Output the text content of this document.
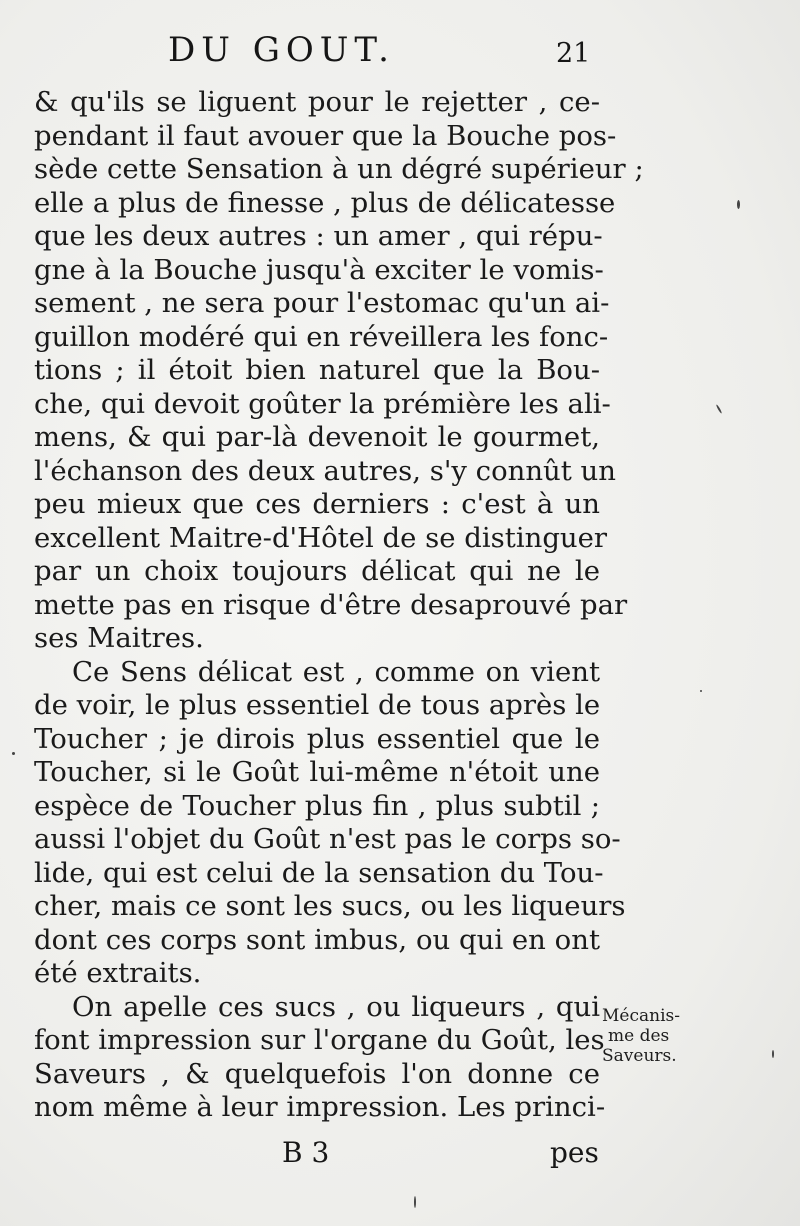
DU GOUT.	21
& qu'ils se liguent pour le rejetter , ce-
pendant il faut avouer que la Bouche pos-
sède cette Sensation à un dégré supérieur ;
elle a plus de finesse , plus de délicatesse
que les deux autres : un amer , qui répu-
gne à la Bouche jusqu'à exciter le vomis-
sement , ne sera pour l'estomac qu'un ai-
guillon modéré qui en réveillera les fonc-
tions ; il étoit bien naturel que la Bou-
che, qui devoit goûter la prémière les ali-
mens, & qui par-là devenoit le gourmet,
l'échanson des deux autres, s'y connût un
peu mieux que ces derniers : c'est à un
excellent Maitre-d'Hôtel de se distinguer
par un choix toujours délicat qui ne le
mette pas en risque d'être desaprouvé par
ses Maitres.
Ce Sens délicat est , comme on vient
de voir, le plus essentiel de tous après le
Toucher ; je dirois plus essentiel que le
Toucher, si le Goût lui-même n'étoit une
espèce de Toucher plus fin , plus subtil ;
aussi l'objet du Goût n'est pas le corps so-
lide, qui est celui de la sensation du Tou-
cher, mais ce sont les sucs, ou les liqueurs
dont ces corps sont imbus, ou qui en ont
été extraits.
On apelle ces sucs , ou liqueurs , qui
font impression sur l'organe du Goût, les
Saveurs , & quelquefois l'on donne ce
nom même à leur impression. Les princi-
Mécanis-
me des
Saveurs.
B 3	pes
